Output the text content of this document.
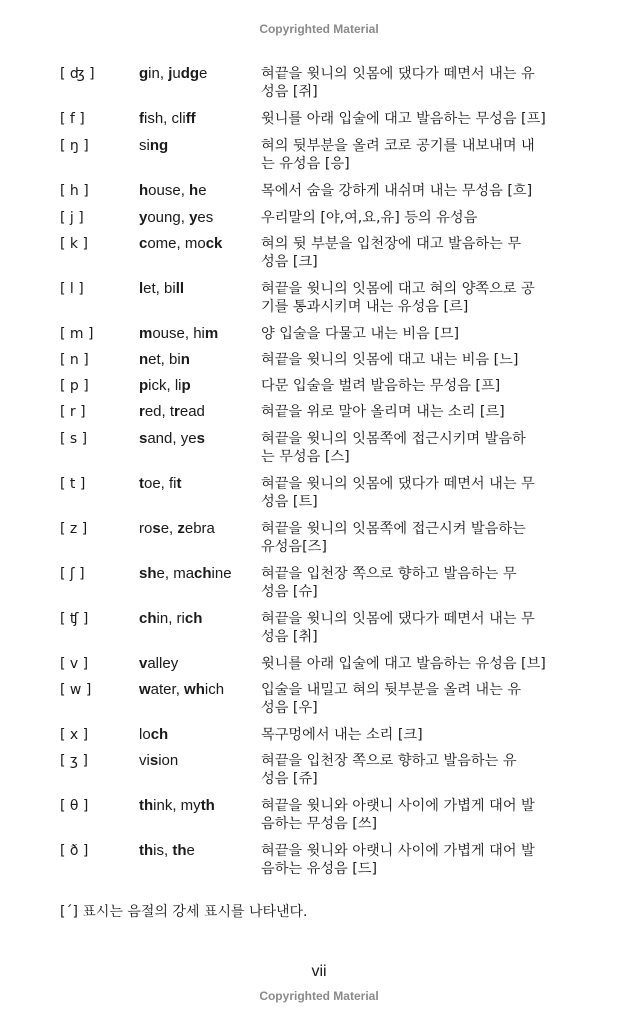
Copyrighted Material
[ ʤ ]	gin, judge	혀끝을 윗니의 잇몸에 댔다가 떼면서 내는 유
성음 [쥐]
[ f ]	fish, cliff	윗니를 아래 입술에 대고 발음하는 무성음 [프]
[ ŋ ]	sing	혀의 뒷부분을 올려 코로 공기를 내보내며 내
는 유성음 [응]
[ h ]	house, he	목에서 숨을 강하게 내쉬며 내는 무성음 [흐]
[ j ]	young, yes	우리말의 [야,여,요,유] 등의 유성음
[ k ]	come, mock	혀의 뒷 부분을 입천장에 대고 발음하는 무
성음 [크]
[ l ]	let, bill	혀끝을 윗니의 잇몸에 대고 혀의 양쪽으로 공
기를 통과시키며 내는 유성음 [르]
[ m ]	mouse, him	양 입술을 다물고 내는 비음 [므]
[ n ]	net, bin	혀끝을 윗니의 잇몸에 대고 내는 비음 [느]
[ p ]	pick, lip	다문 입술을 벌려 발음하는 무성음 [프]
[ r ]	red, tread	혀끝을 위로 말아 올리며 내는 소리 [르]
[ s ]	sand, yes	혀끝을 윗니의 잇몸쪽에 접근시키며 발음하
는 무성음 [스]
[ t ]	toe, fit	혀끝을 윗니의 잇몸에 댔다가 떼면서 내는 무
성음 [트]
[ z ]	rose, zebra	혀끝을 윗니의 잇몸쪽에 접근시켜 발음하는
유성음[즈]
[ ʃ ]	she, machine 혀끝을 입천장 쪽으로 향하고 발음하는 무
성음 [슈]
[ ʧ ]	chin, rich	혀끝을 윗니의 잇몸에 댔다가 떼면서 내는 무
성음 [취]
[ v ]	valley	윗니를 아래 입술에 대고 발음하는 유성음 [브]
[ w ]	water, which	입술을 내밀고 혀의 뒷부분을 올려 내는 유
성음 [우]
[ x ]	loch	목구멍에서 내는 소리 [크]
[ ʒ ]	vision	혀끝을 입천장 쪽으로 향하고 발음하는 유
성음 [쥬]
[ θ ]	think, myth	혀끝을 윗니와 아랫니 사이에 가볍게 대어 발
음하는 무성음 [쓰]
[ ð ]	this, the	혀끝을 윗니와 아랫니 사이에 가볍게 대어 발
음하는 유성음 [드]
[ˊ] 표시는 음절의 강세 표시를 나타낸다.
vii
Copyrighted Material
